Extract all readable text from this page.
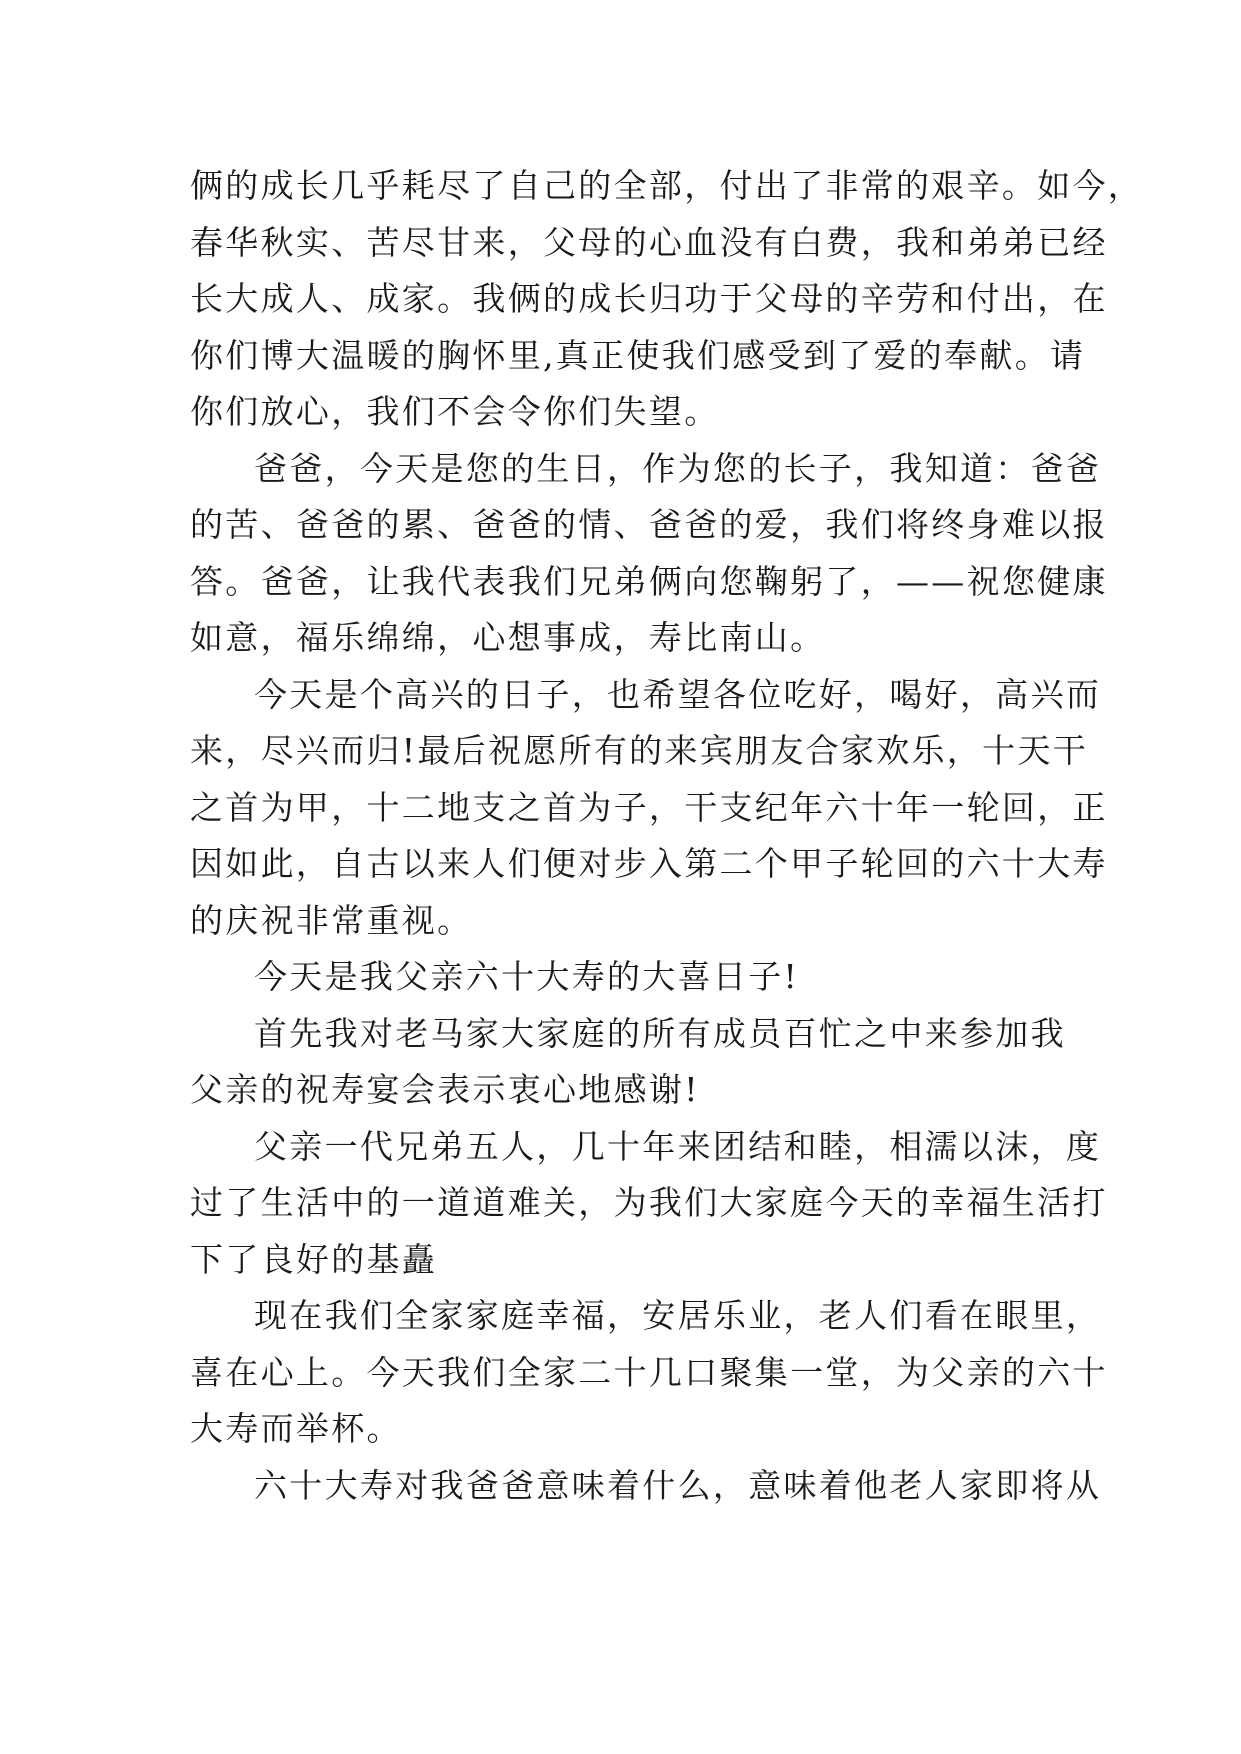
俩的成长几乎耗尽了自己的全部，付出了非常的艰辛。如今，
春华秋实、苦尽甘来，父母的心血没有白费，我和弟弟已经
长大成人、成家。我俩的成长归功于父母的辛劳和付出，在
你们博大温暖的胸怀里,真正使我们感受到了爱的奉献。请
你们放心，我们不会令你们失望。
爸爸，今天是您的生日，作为您的长子，我知道：爸爸
的苦、爸爸的累、爸爸的情、爸爸的爱，我们将终身难以报
答。爸爸，让我代表我们兄弟俩向您鞠躬了，——祝您健康
如意，福乐绵绵，心想事成，寿比南山。
今天是个高兴的日子，也希望各位吃好，喝好，高兴而
来，尽兴而归!最后祝愿所有的来宾朋友合家欢乐，十天干
之首为甲，十二地支之首为子，干支纪年六十年一轮回，正
因如此，自古以来人们便对步入第二个甲子轮回的六十大寿
的庆祝非常重视。
今天是我父亲六十大寿的大喜日子!
首先我对老马家大家庭的所有成员百忙之中来参加我
父亲的祝寿宴会表示衷心地感谢!
父亲一代兄弟五人，几十年来团结和睦，相濡以沫，度
过了生活中的一道道难关，为我们大家庭今天的幸福生活打
下了良好的基矗
现在我们全家家庭幸福，安居乐业，老人们看在眼里，
喜在心上。今天我们全家二十几口聚集一堂，为父亲的六十
大寿而举杯。
六十大寿对我爸爸意味着什么，意味着他老人家即将从
